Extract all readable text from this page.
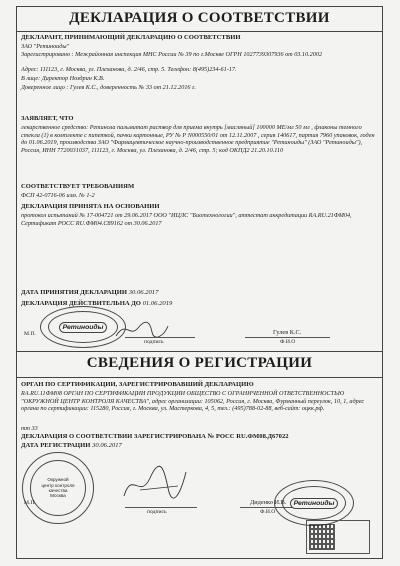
ДЕКЛАРАЦИЯ О СООТВЕТСТВИИ
ДЕКЛАРАНТ, ПРИНИМАЮЩИЙ ДЕКЛАРАЦИЮ О СООТВЕТСТВИИ
ЗАО "Ретиноиды"
Зарегистрировано : Межрайонная инспекция МНС России № 39 по г.Москве ОГРН 1027739307936 от 03.10.2002
Адрес: 111123, г. Москва, ул. Плеханова, д. 2/46, стр. 5. Телефон: 8(495)234-61-17.
В лице: Директор Ноздрин К.В.
Доверенное лицо : Гулев К.С., доверенность № 33 от 21.12.2016 г.
ЗАЯВЛЯЕТ, ЧТО
лекарственное средство: Ретинола пальмитат раствор для приема внутрь [масляный] 100000 МЕ/мл 50 мл , флаконы темного стекла (1) в комплекте с пипеткой, пачки картонные, РУ № Р N000550/01 от 12.11.2007 , серия 140617, партия 7960 упаковок, годен до 01.06.2019, производства ЗАО "Фармацевтическое научно-производственное предприятие "Ретиноиды" (ЗАО "Ретиноиды"), Россия, ИНН 7720031037, 111123, г. Москва, ул. Плеханова, д. 2/46, стр. 5; код ОКПД2 21.20.10.110
СООТВЕТСТВУЕТ ТРЕБОВАНИЯМ
ФСП 42-0716-06 изм. № 1-2
ДЕКЛАРАЦИЯ ПРИНЯТА НА ОСНОВАНИИ
протокол испытаний № 17-004721 от 29.06.2017 ООО "ИЦЛС "Биотехнологии", аттестат аккредитации RA.RU.21ФМ04, Сертификат РОСС RU.ФМ04.С89162 от 30.06.2017
ДАТА ПРИНЯТИЯ ДЕКЛАРАЦИИ 30.06.2017
ДЕКЛАРАЦИЯ ДЕЙСТВИТЕЛЬНА ДО 01.06.2019
Ретиноиды
М.П.
подпись
Гулев К.С.
Ф.И.О
СВЕДЕНИЯ О РЕГИСТРАЦИИ
ОРГАН ПО СЕРТИФИКАЦИИ, ЗАРЕГИСТРИРОВАВШИЙ ДЕКЛАРАЦИЮ
RA.RU.11ФМ08 ОРГАН ПО СЕРТИФИКАЦИИ ПРОДУКЦИИ ОБЩЕСТВО С ОГРАНИЧЕННОЙ ОТВЕТСТВЕННОСТЬЮ "ОКРУЖНОЙ ЦЕНТР КОНТРОЛЯ КАЧЕСТВА", адрес организации: 105062, Россия, г. Москва, Фурманный переулок, 10, 1, адрес органа по сертификации: 115280, Россия, г. Москва, ул. Мастеркова, 4, 5, тел.: (495)788-02-88, веб-сайт: оцкк.рф.
тт 33
ДЕКЛАРАЦИЯ О СООТВЕТСТВИИ ЗАРЕГИСТРИРОВАНА № РОСС RU.ФМ08.Д67022
ДАТА РЕГИСТРАЦИИ 30.06.2017
Окружной
центр контроля
качества
Москва
М.П.
подпись
Диденко И.В.
Ф.И.О
Ретиноиды
